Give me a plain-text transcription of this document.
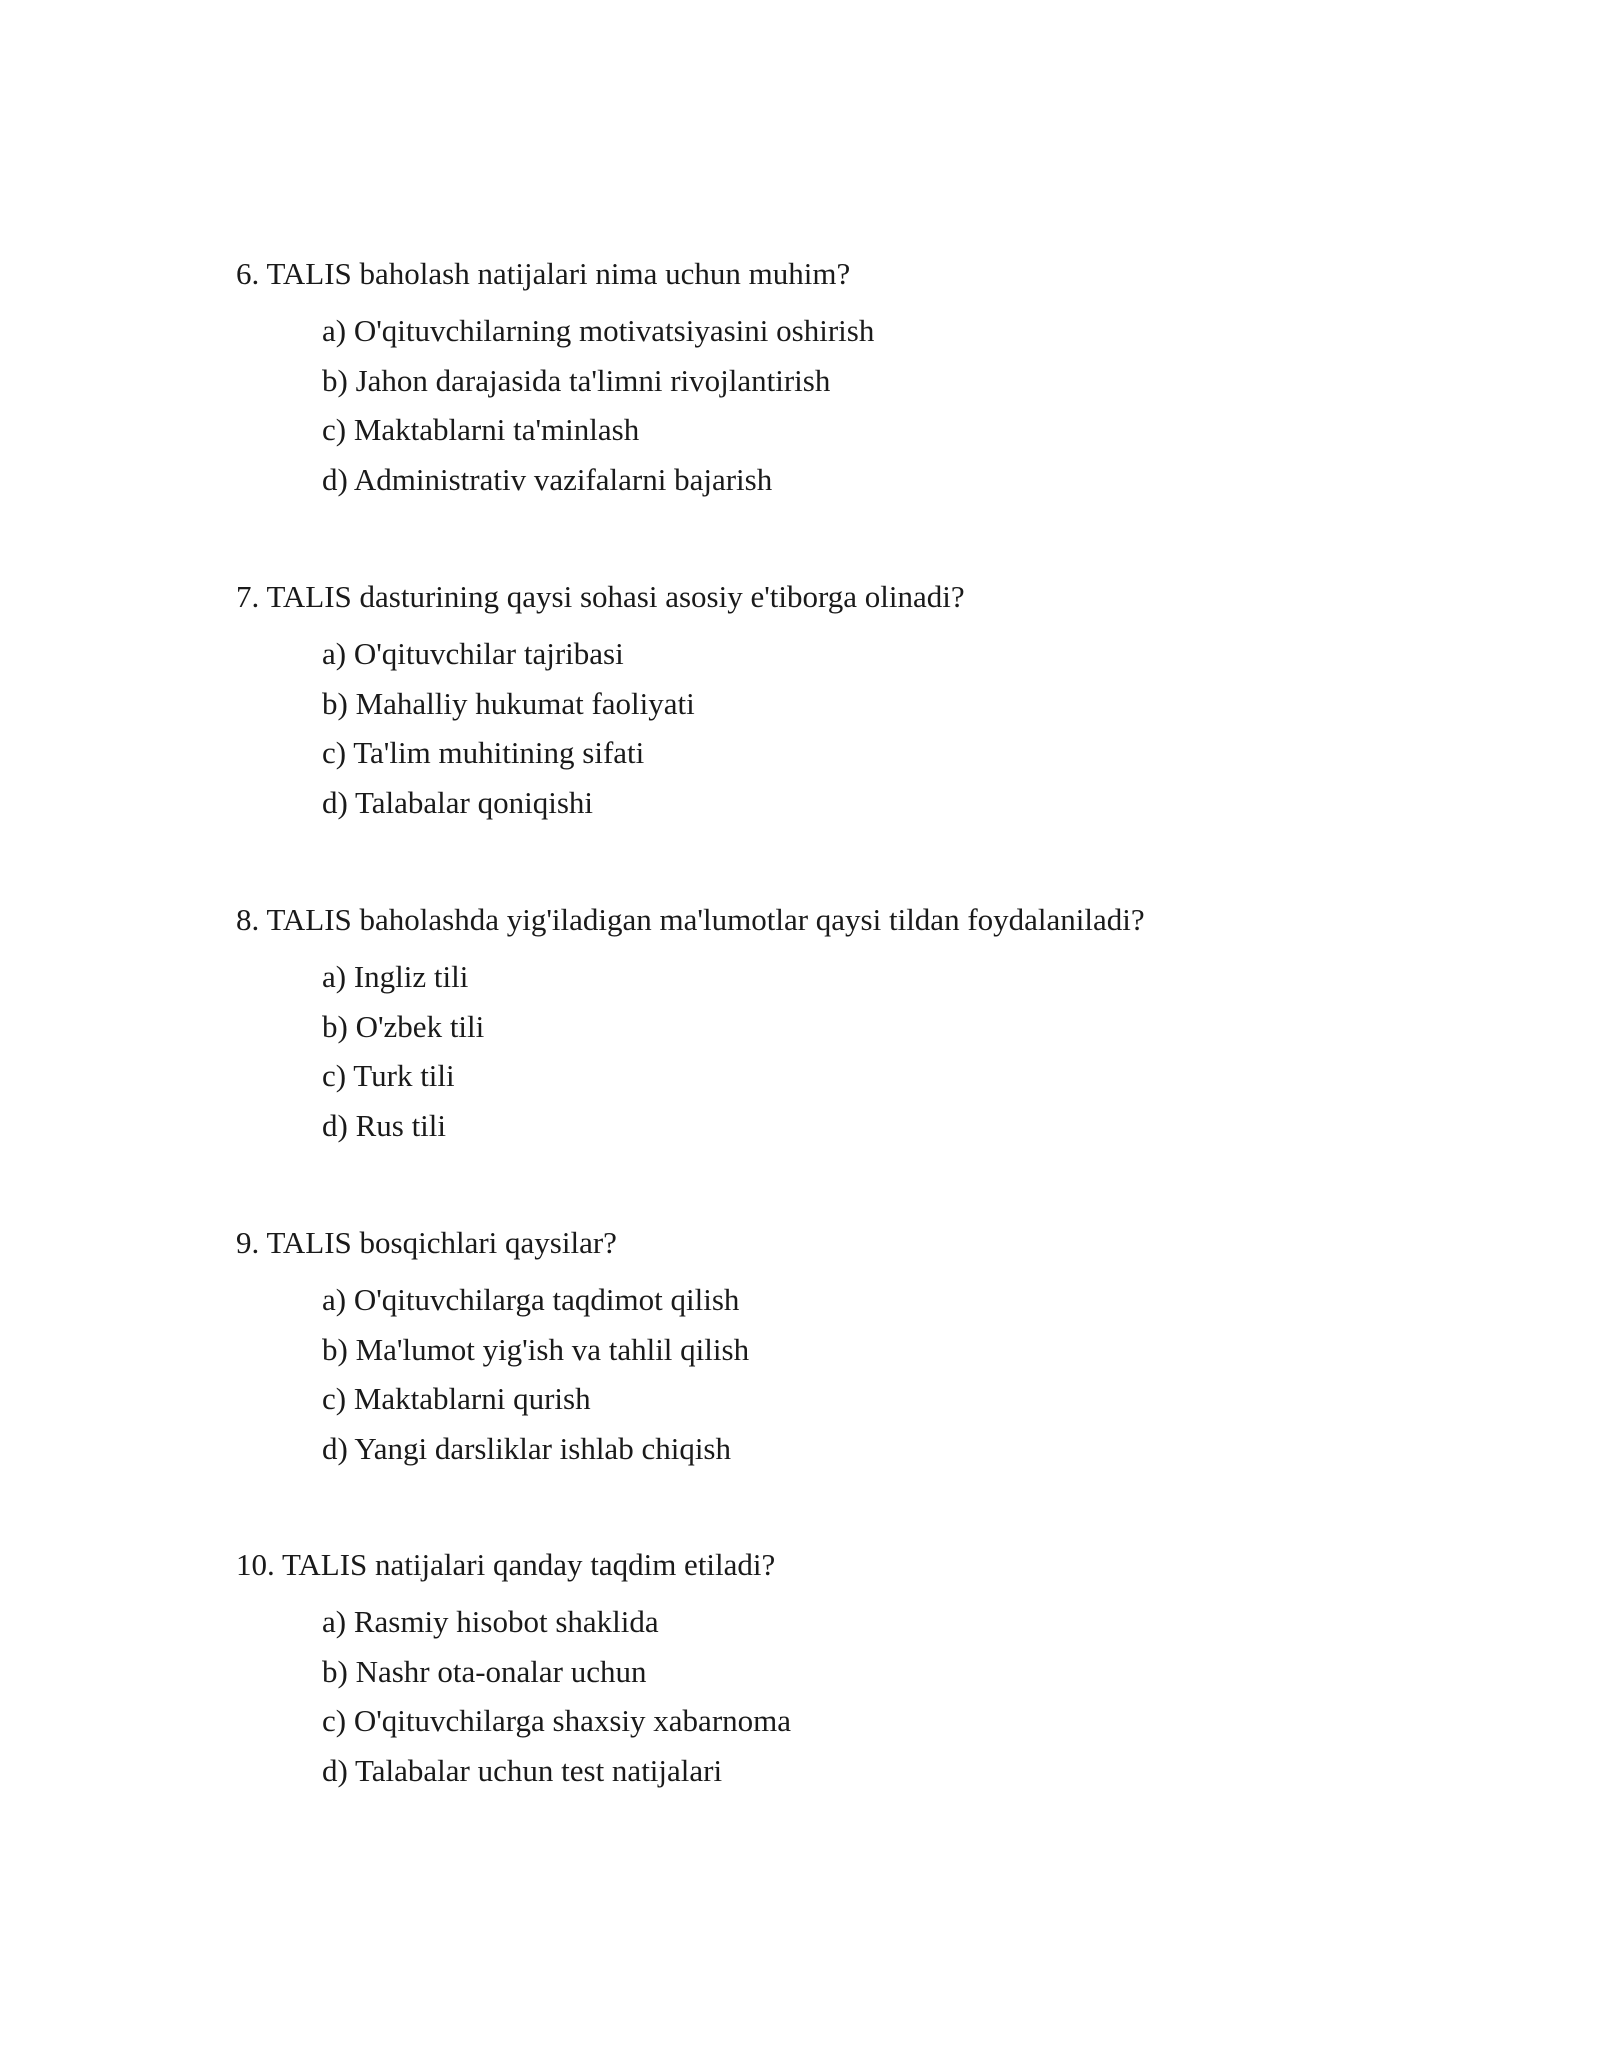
6. TALIS baholash natijalari nima uchun muhim?

a) O'qituvchilarning motivatsiyasini oshirish
b) Jahon darajasida ta'limni rivojlantirish
c) Maktablarni ta'minlash
d) Administrativ vazifalarni bajarish

7. TALIS dasturining qaysi sohasi asosiy e'tiborga olinadi?

a) O'qituvchilar tajribasi
b) Mahalliy hukumat faoliyati
c) Ta'lim muhitining sifati
d) Talabalar qoniqishi

8. TALIS baholashda yig'iladigan ma'lumotlar qaysi tildan foydalaniladi?

a) Ingliz tili
b) O'zbek tili
c) Turk tili
d) Rus tili

9. TALIS bosqichlari qaysilar?

a) O'qituvchilarga taqdimot qilish
b) Ma'lumot yig'ish va tahlil qilish
c) Maktablarni qurish
d) Yangi darsliklar ishlab chiqish

10. TALIS natijalari qanday taqdim etiladi?

a) Rasmiy hisobot shaklida
b) Nashr ota-onalar uchun
c) O'qituvchilarga shaxsiy xabarnoma
d) Talabalar uchun test natijalari
